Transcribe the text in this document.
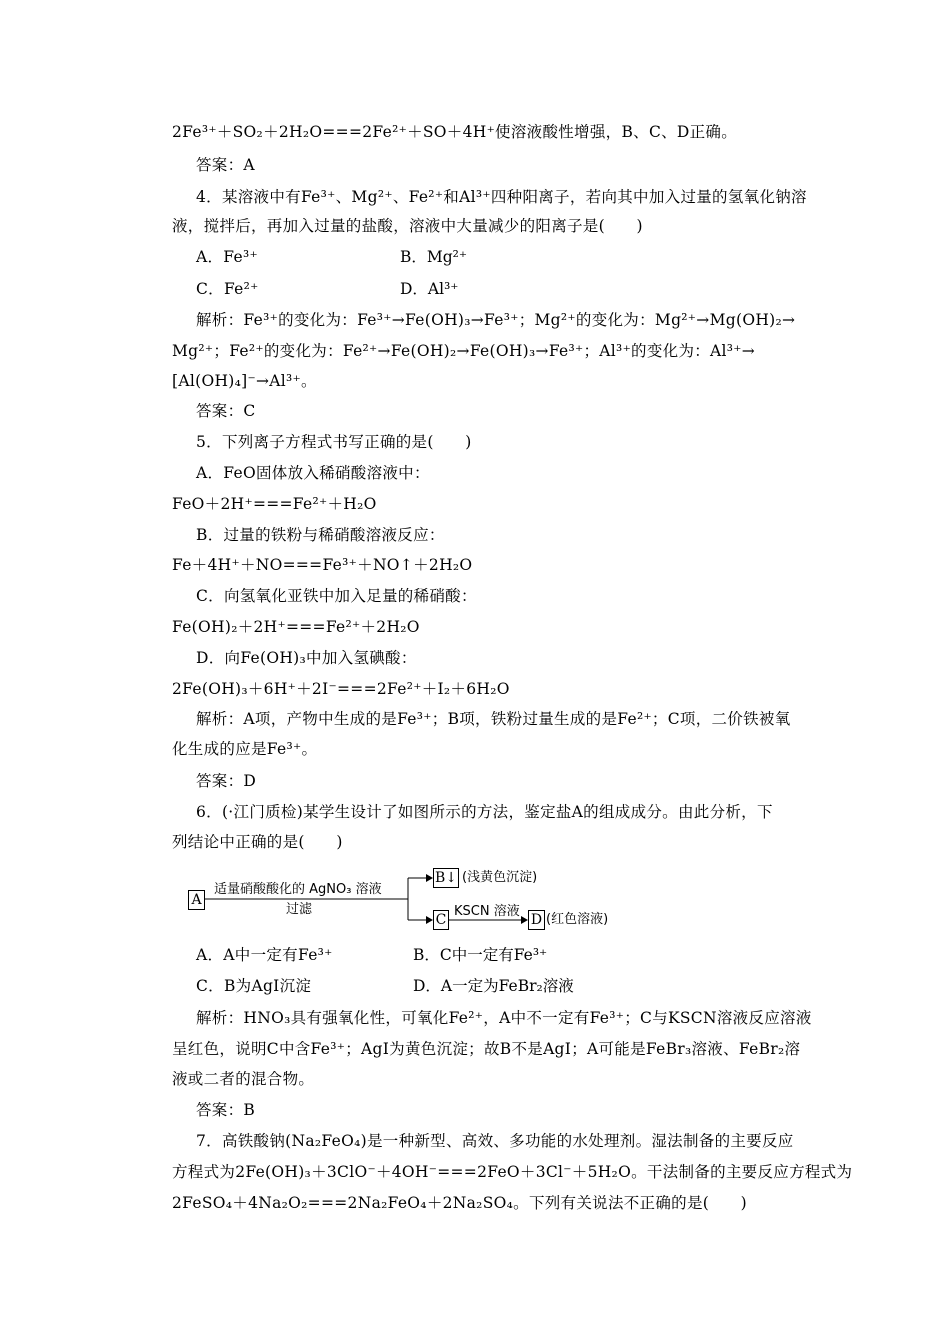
2Fe³⁺＋SO₂＋2H₂O===2Fe²⁺＋SO＋4H⁺使溶液酸性增强，B、C、D正确。
答案：A
4．某溶液中有Fe³⁺、Mg²⁺、Fe²⁺和Al³⁺四种阳离子，若向其中加入过量的氢氧化钠溶
液，搅拌后，再加入过量的盐酸，溶液中大量减少的阳离子是(　　)
A．Fe³⁺	B．Mg²⁺
C．Fe²⁺	D．Al³⁺
解析：Fe³⁺的变化为：Fe³⁺→Fe(OH)₃→Fe³⁺；Mg²⁺的变化为：Mg²⁺→Mg(OH)₂→
Mg²⁺；Fe²⁺的变化为：Fe²⁺→Fe(OH)₂→Fe(OH)₃→Fe³⁺；Al³⁺的变化为：Al³⁺→
[Al(OH)₄]⁻→Al³⁺。
答案：C
5．下列离子方程式书写正确的是(　　)
A．FeO固体放入稀硝酸溶液中：
FeO＋2H⁺===Fe²⁺＋H₂O
B．过量的铁粉与稀硝酸溶液反应：
Fe＋4H⁺＋NO===Fe³⁺＋NO↑＋2H₂O
C．向氢氧化亚铁中加入足量的稀硝酸：
Fe(OH)₂＋2H⁺===Fe²⁺＋2H₂O
D．向Fe(OH)₃中加入氢碘酸：
2Fe(OH)₃＋6H⁺＋2I⁻===2Fe²⁺＋I₂＋6H₂O
解析：A项，产物中生成的是Fe³⁺；B项，铁粉过量生成的是Fe²⁺；C项，二价铁被氧
化生成的应是Fe³⁺。
答案：D
6．(·江门质检)某学生设计了如图所示的方法，鉴定盐A的组成成分。由此分析，下
列结论中正确的是(　　)
A
适量硝酸酸化的 AgNO₃ 溶液
过滤
B↓ (浅黄色沉淀)
C
KSCN 溶液
D (红色溶液)
A．A中一定有Fe³⁺	B．C中一定有Fe³⁺
C．B为AgI沉淀	D．A一定为FeBr₂溶液
解析：HNO₃具有强氧化性，可氧化Fe²⁺，A中不一定有Fe³⁺；C与KSCN溶液反应溶液
呈红色，说明C中含Fe³⁺；AgI为黄色沉淀；故B不是AgI；A可能是FeBr₃溶液、FeBr₂溶
液或二者的混合物。
答案：B
7．高铁酸钠(Na₂FeO₄)是一种新型、高效、多功能的水处理剂。湿法制备的主要反应
方程式为2Fe(OH)₃＋3ClO⁻＋4OH⁻===2FeO＋3Cl⁻＋5H₂O。干法制备的主要反应方程式为
2FeSO₄＋4Na₂O₂===2Na₂FeO₄＋2Na₂SO₄。下列有关说法不正确的是(　　)
